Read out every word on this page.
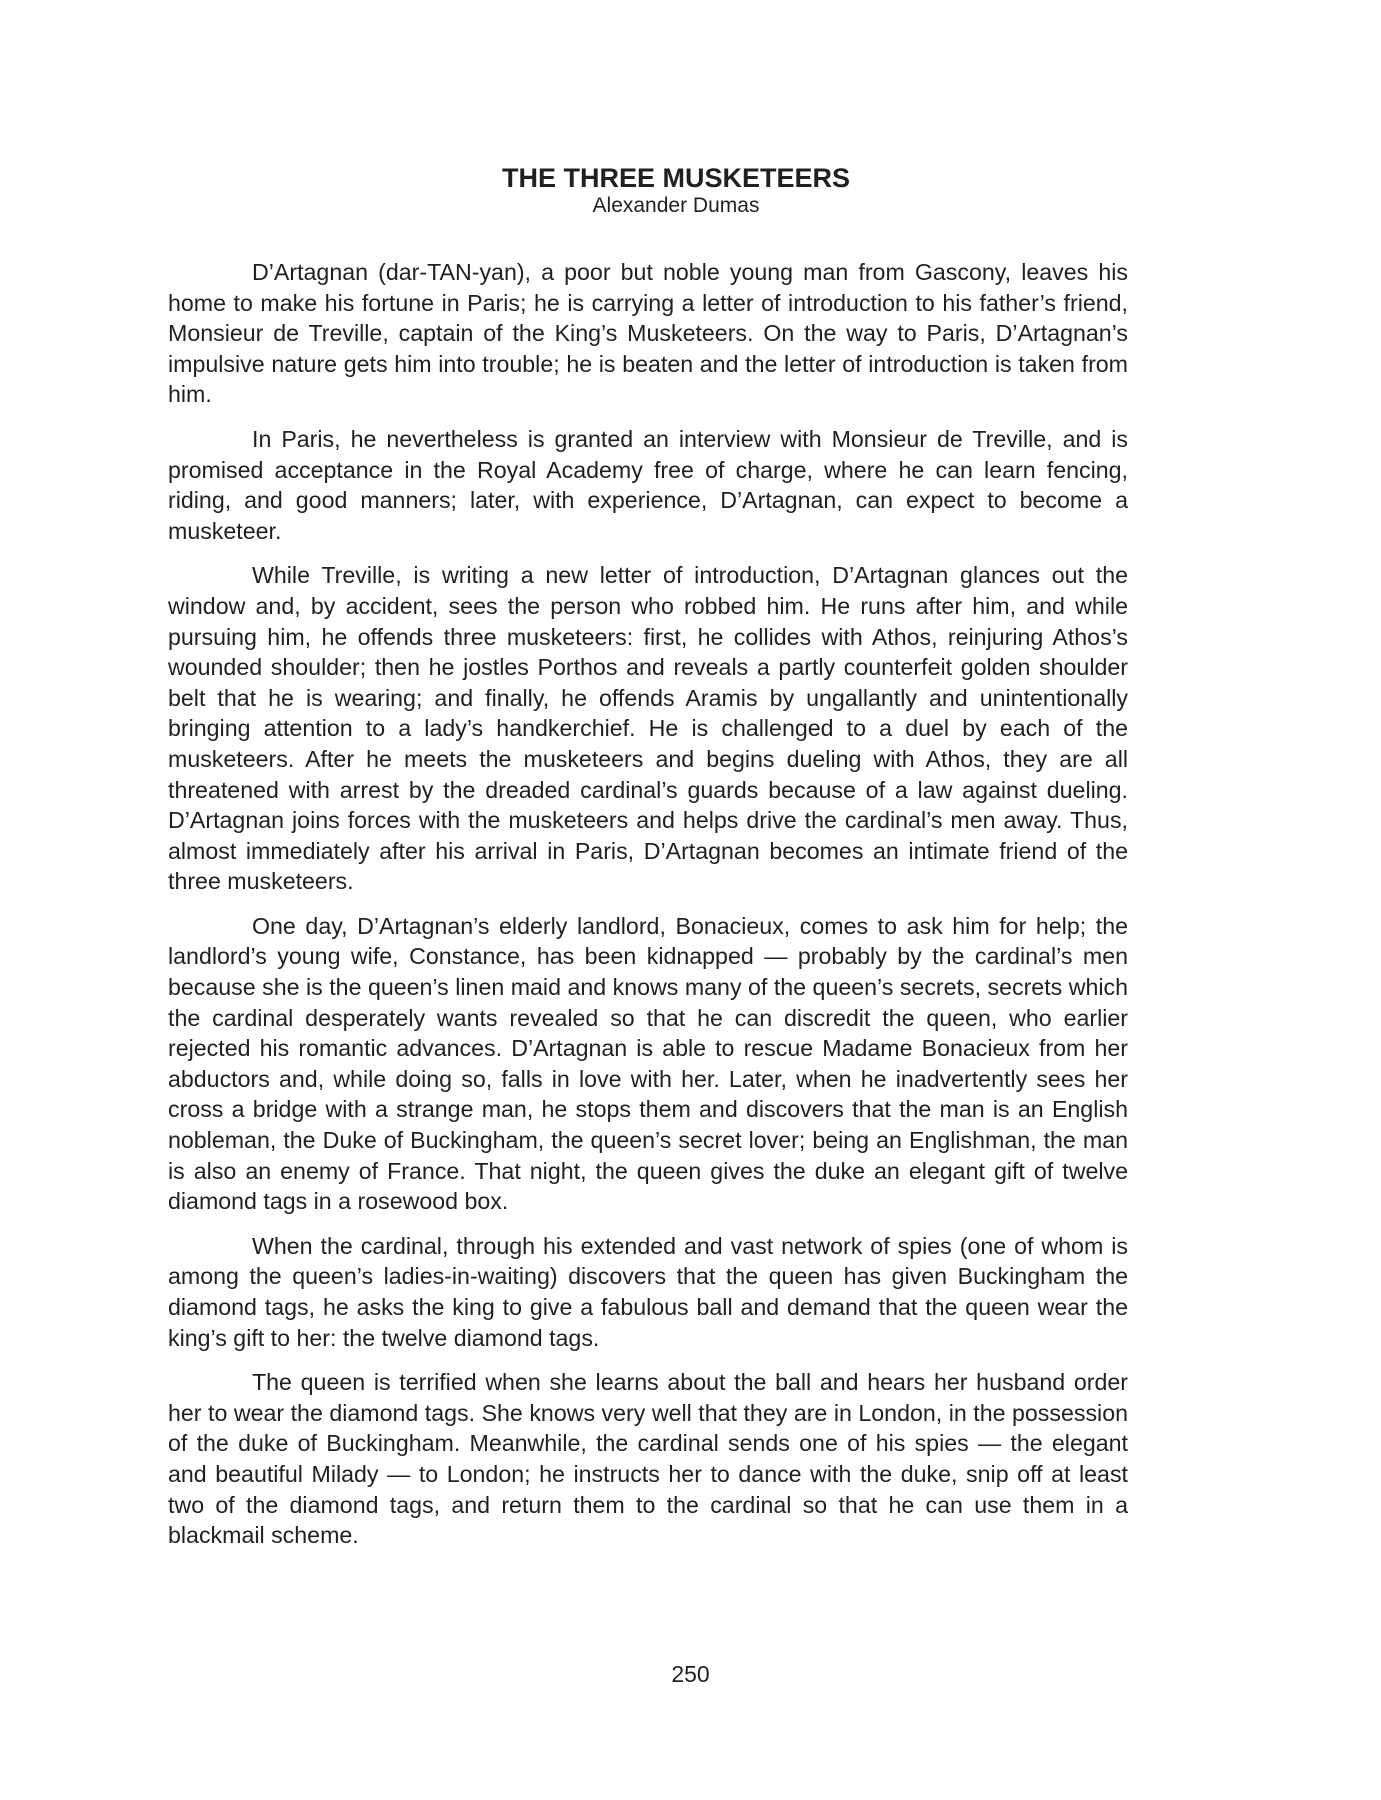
THE THREE MUSKETEERS
Alexander Dumas

D’Artagnan (dar-TAN-yan), a poor but noble young man from Gascony, leaves his home to make his fortune in Paris; he is carrying a letter of introduction to his father’s friend, Monsieur de Treville, captain of the King’s Musketeers. On the way to Paris, D’Artagnan’s impulsive nature gets him into trouble; he is beaten and the letter of introduction is taken from him.

In Paris, he nevertheless is granted an interview with Monsieur de Treville, and is promised acceptance in the Royal Academy free of charge, where he can learn fencing, riding, and good manners; later, with experience, D’Artagnan, can expect to become a musketeer.

While Treville, is writing a new letter of introduction, D’Artagnan glances out the window and, by accident, sees the person who robbed him. He runs after him, and while pursuing him, he offends three musketeers: first, he collides with Athos, reinjuring Athos’s wounded shoulder; then he jostles Porthos and reveals a partly counterfeit golden shoulder belt that he is wearing; and finally, he offends Aramis by ungallantly and unintentionally bringing attention to a lady’s handkerchief. He is challenged to a duel by each of the musketeers. After he meets the musketeers and begins dueling with Athos, they are all threatened with arrest by the dreaded cardinal’s guards because of a law against dueling. D’Artagnan joins forces with the musketeers and helps drive the cardinal’s men away. Thus, almost immediately after his arrival in Paris, D’Artagnan becomes an intimate friend of the three musketeers.

One day, D’Artagnan’s elderly landlord, Bonacieux, comes to ask him for help; the landlord’s young wife, Constance, has been kidnapped — probably by the cardinal’s men because she is the queen’s linen maid and knows many of the queen’s secrets, secrets which the cardinal desperately wants revealed so that he can discredit the queen, who earlier rejected his romantic advances. D’Artagnan is able to rescue Madame Bonacieux from her abductors and, while doing so, falls in love with her. Later, when he inadvertently sees her cross a bridge with a strange man, he stops them and discovers that the man is an English nobleman, the Duke of Buckingham, the queen’s secret lover; being an Englishman, the man is also an enemy of France. That night, the queen gives the duke an elegant gift of twelve diamond tags in a rosewood box.

When the cardinal, through his extended and vast network of spies (one of whom is among the queen’s ladies-in-waiting) discovers that the queen has given Buckingham the diamond tags, he asks the king to give a fabulous ball and demand that the queen wear the king’s gift to her: the twelve diamond tags.

The queen is terrified when she learns about the ball and hears her husband order her to wear the diamond tags. She knows very well that they are in London, in the possession of the duke of Buckingham. Meanwhile, the cardinal sends one of his spies — the elegant and beautiful Milady — to London; he instructs her to dance with the duke, snip off at least two of the diamond tags, and return them to the cardinal so that he can use them in a blackmail scheme.

250
